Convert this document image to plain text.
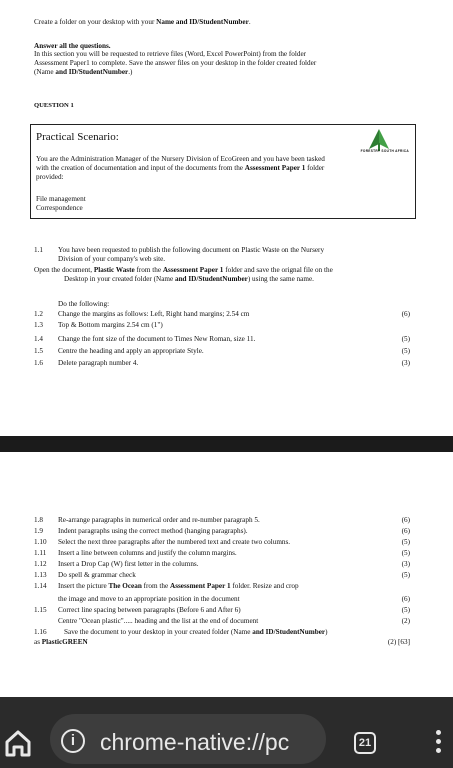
Create a folder on your desktop with your Name and ID/StudentNumber.
Answer all the questions.
In this section you will be requested to retrieve files (Word, Excel PowerPoint) from the folder
Assessment Paper1 to complete. Save the answer files on your desktop in the folder created folder
(Name and ID/StudentNumber.)
QUESTION 1
Practical Scenario:
FORESTRY SOUTH AFRICA
You are the Administration Manager of the Nursery Division of EcoGreen and you have been tasked
with the creation of documentation and input of the documents from the Assessment Paper 1 folder
provided:
File management
Correspondence
1.1 You have been requested to publish the following document on Plastic Waste on the Nursery
Division of your company's web site.
Open the document, Plastic Waste from the Assessment Paper 1 folder and save the orignal file on the
Desktop in your created folder (Name and ID/StudentNumber) using the same name.
Do the following:
1.2 Change the margins as follows: Left, Right hand margins; 2.54 cm	(6)
1.3 Top & Bottom margins 2.54 cm (1")
1.4 Change the font size of the document to Times New Roman, size 11.	(5)
1.5 Centre the heading and apply an appropriate Style.	(5)
1.6 Delete paragraph number 4.	(3)
1.8 Re-arrange paragraphs in numerical order and re-number paragraph 5.	(6)
1.9 Indent paragraphs using the correct method (hanging paragraphs).	(6)
1.10 Select the next three paragraphs after the numbered text and create two columns.	(5)
1.11 Insert a line between columns and justify the column margins.	(5)
1.12 Insert a Drop Cap (W) first letter in the columns.	(3)
1.13 Do spell & grammar check	(5)
1.14 Insert the picture The Ocean from the Assessment Paper 1 folder. Resize and crop
the image and move to an appropriate position in the document	(6)
1.15 Correct line spacing between paragraphs (Before 6 and After 6)	(5)
Centre "Ocean plastic"..... heading and the list at the end of document	(2)
1.16 Save the document to your desktop in your created folder (Name and ID/StudentNumber)
as PlasticGREEN	(2) [63]
i	chrome-native://pc	21
